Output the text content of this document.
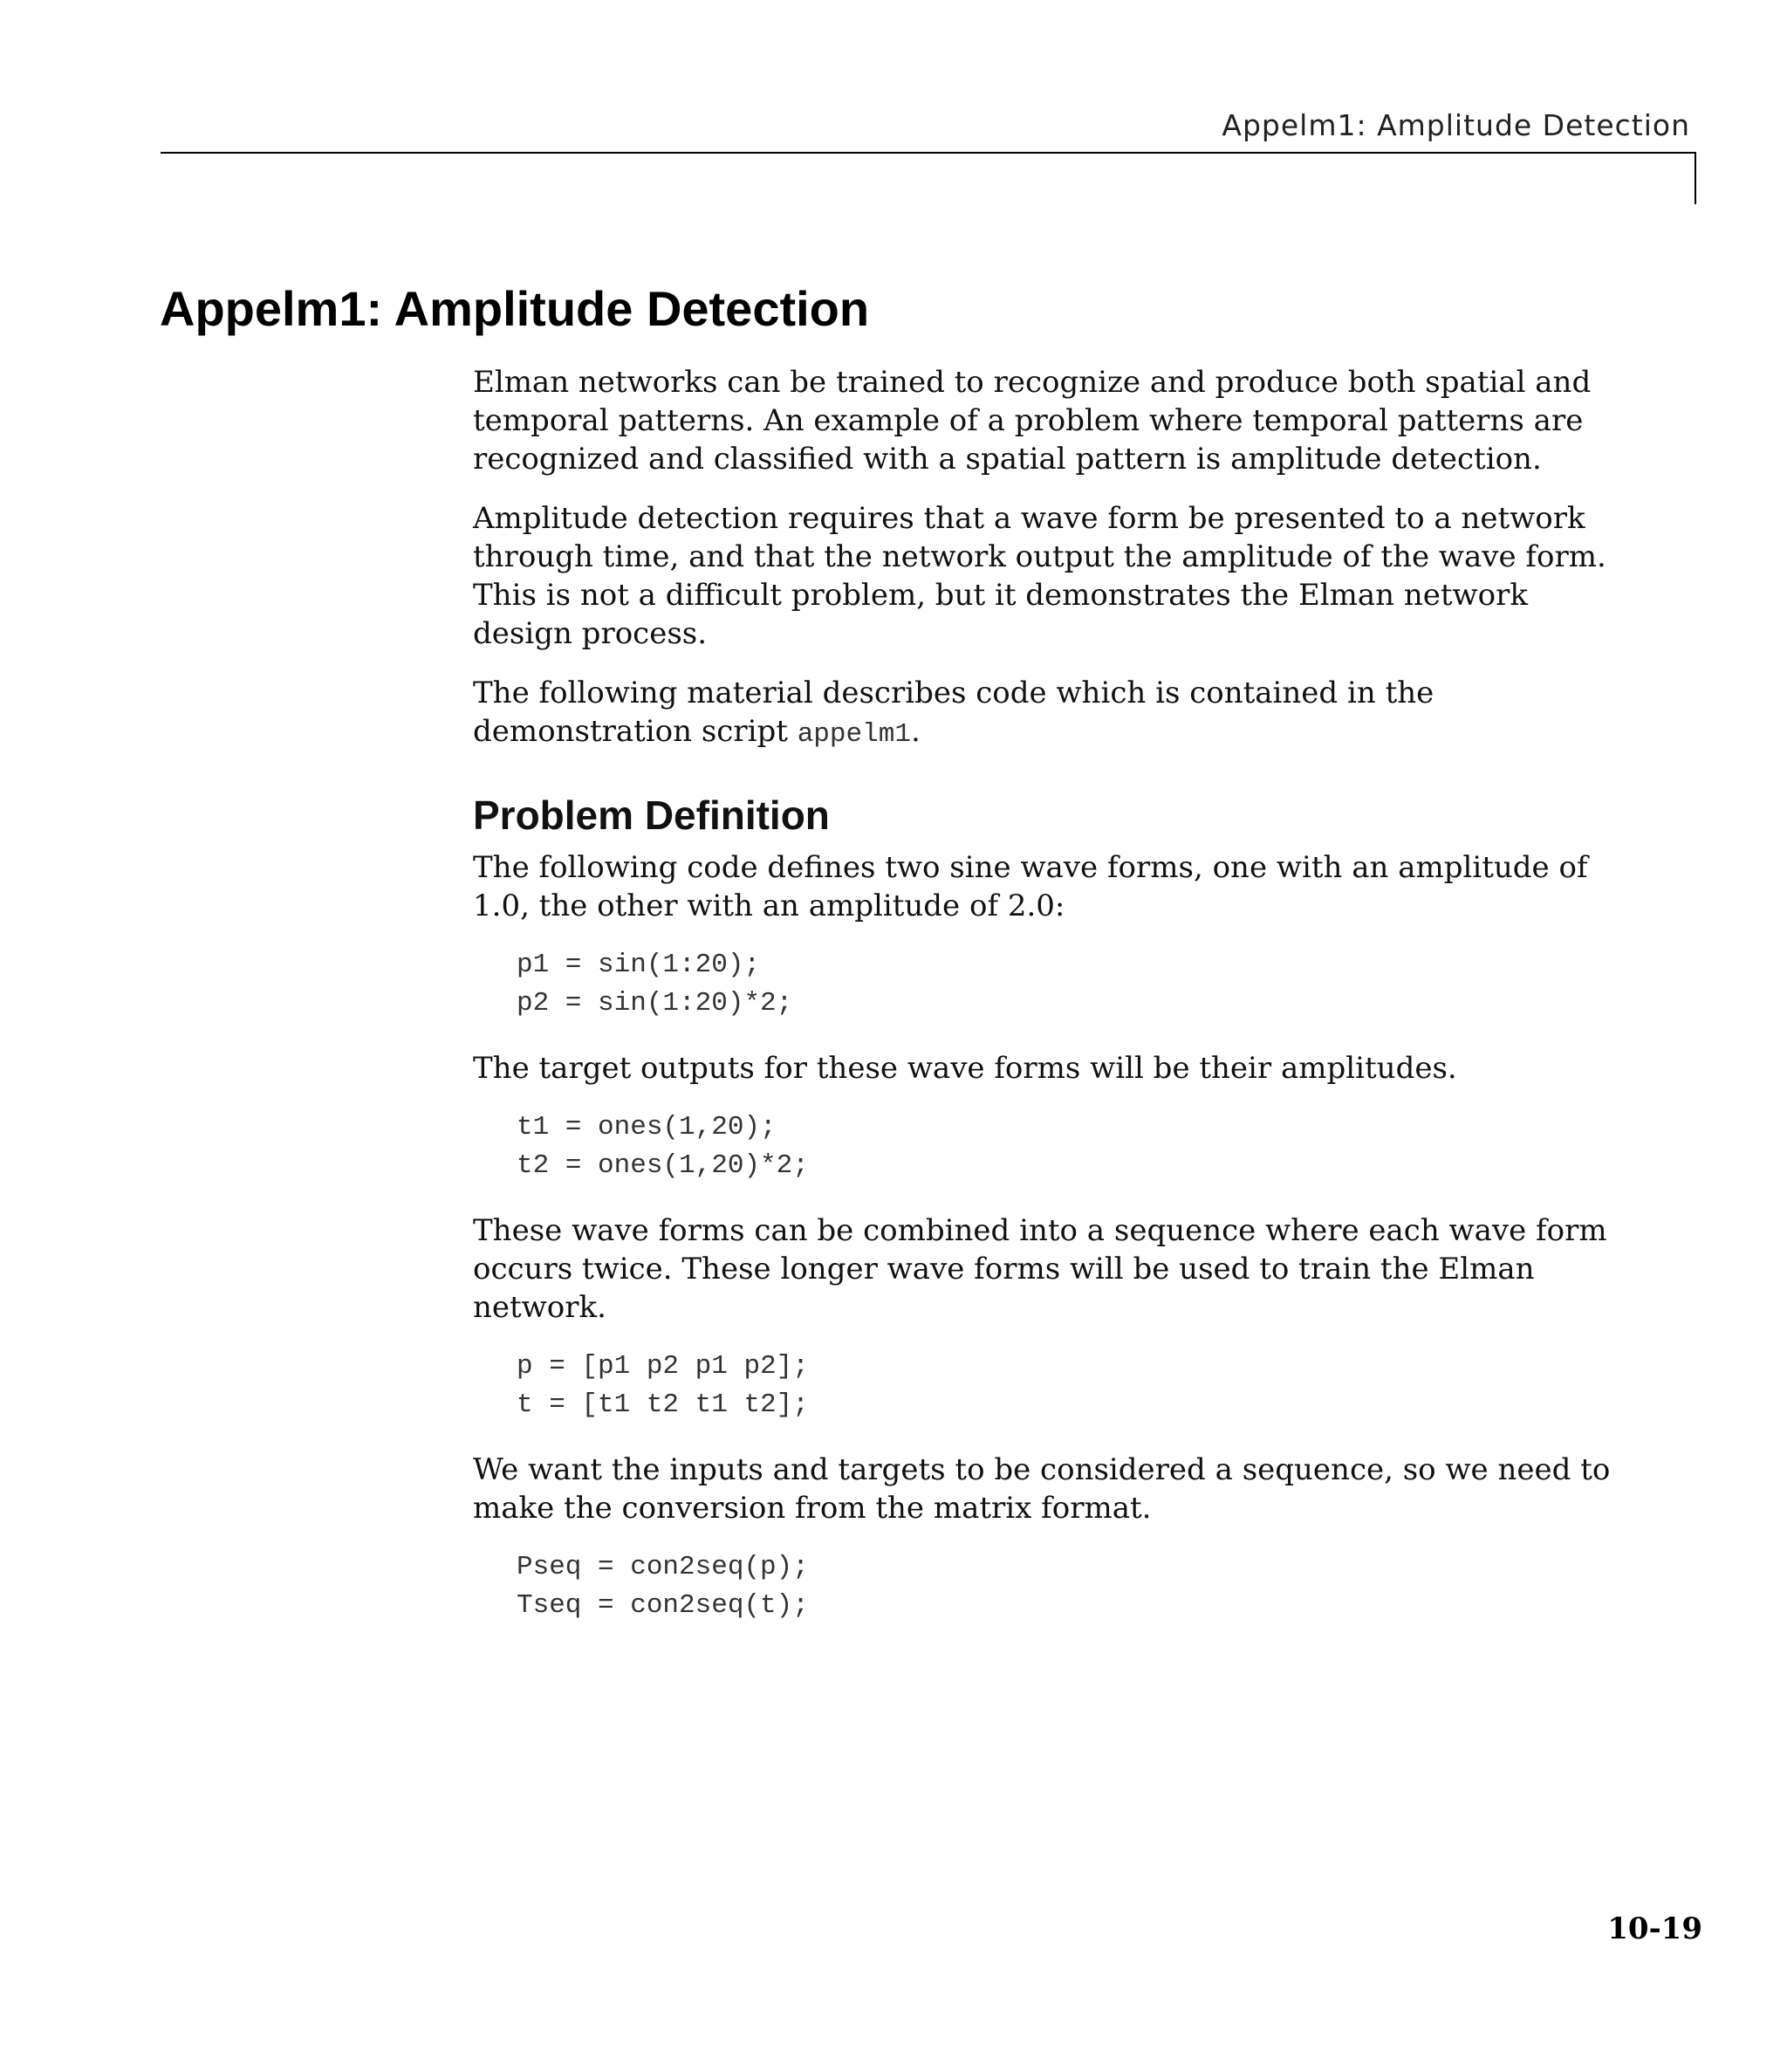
Appelm1: Amplitude Detection
Appelm1: Amplitude Detection

Elman networks can be trained to recognize and produce both spatial and temporal patterns. An example of a problem where temporal patterns are recognized and classified with a spatial pattern is amplitude detection.

Amplitude detection requires that a wave form be presented to a network through time, and that the network output the amplitude of the wave form. This is not a difficult problem, but it demonstrates the Elman network design process.

The following material describes code which is contained in the demonstration script appelm1.

Problem Definition

The following code defines two sine wave forms, one with an amplitude of 1.0, the other with an amplitude of 2.0:

p1 = sin(1:20);
p2 = sin(1:20)*2;

The target outputs for these wave forms will be their amplitudes.

t1 = ones(1,20);
t2 = ones(1,20)*2;

These wave forms can be combined into a sequence where each wave form occurs twice. These longer wave forms will be used to train the Elman network.

p = [p1 p2 p1 p2];
t = [t1 t2 t1 t2];

We want the inputs and targets to be considered a sequence, so we need to make the conversion from the matrix format.

Pseq = con2seq(p);
Tseq = con2seq(t);
10-19
